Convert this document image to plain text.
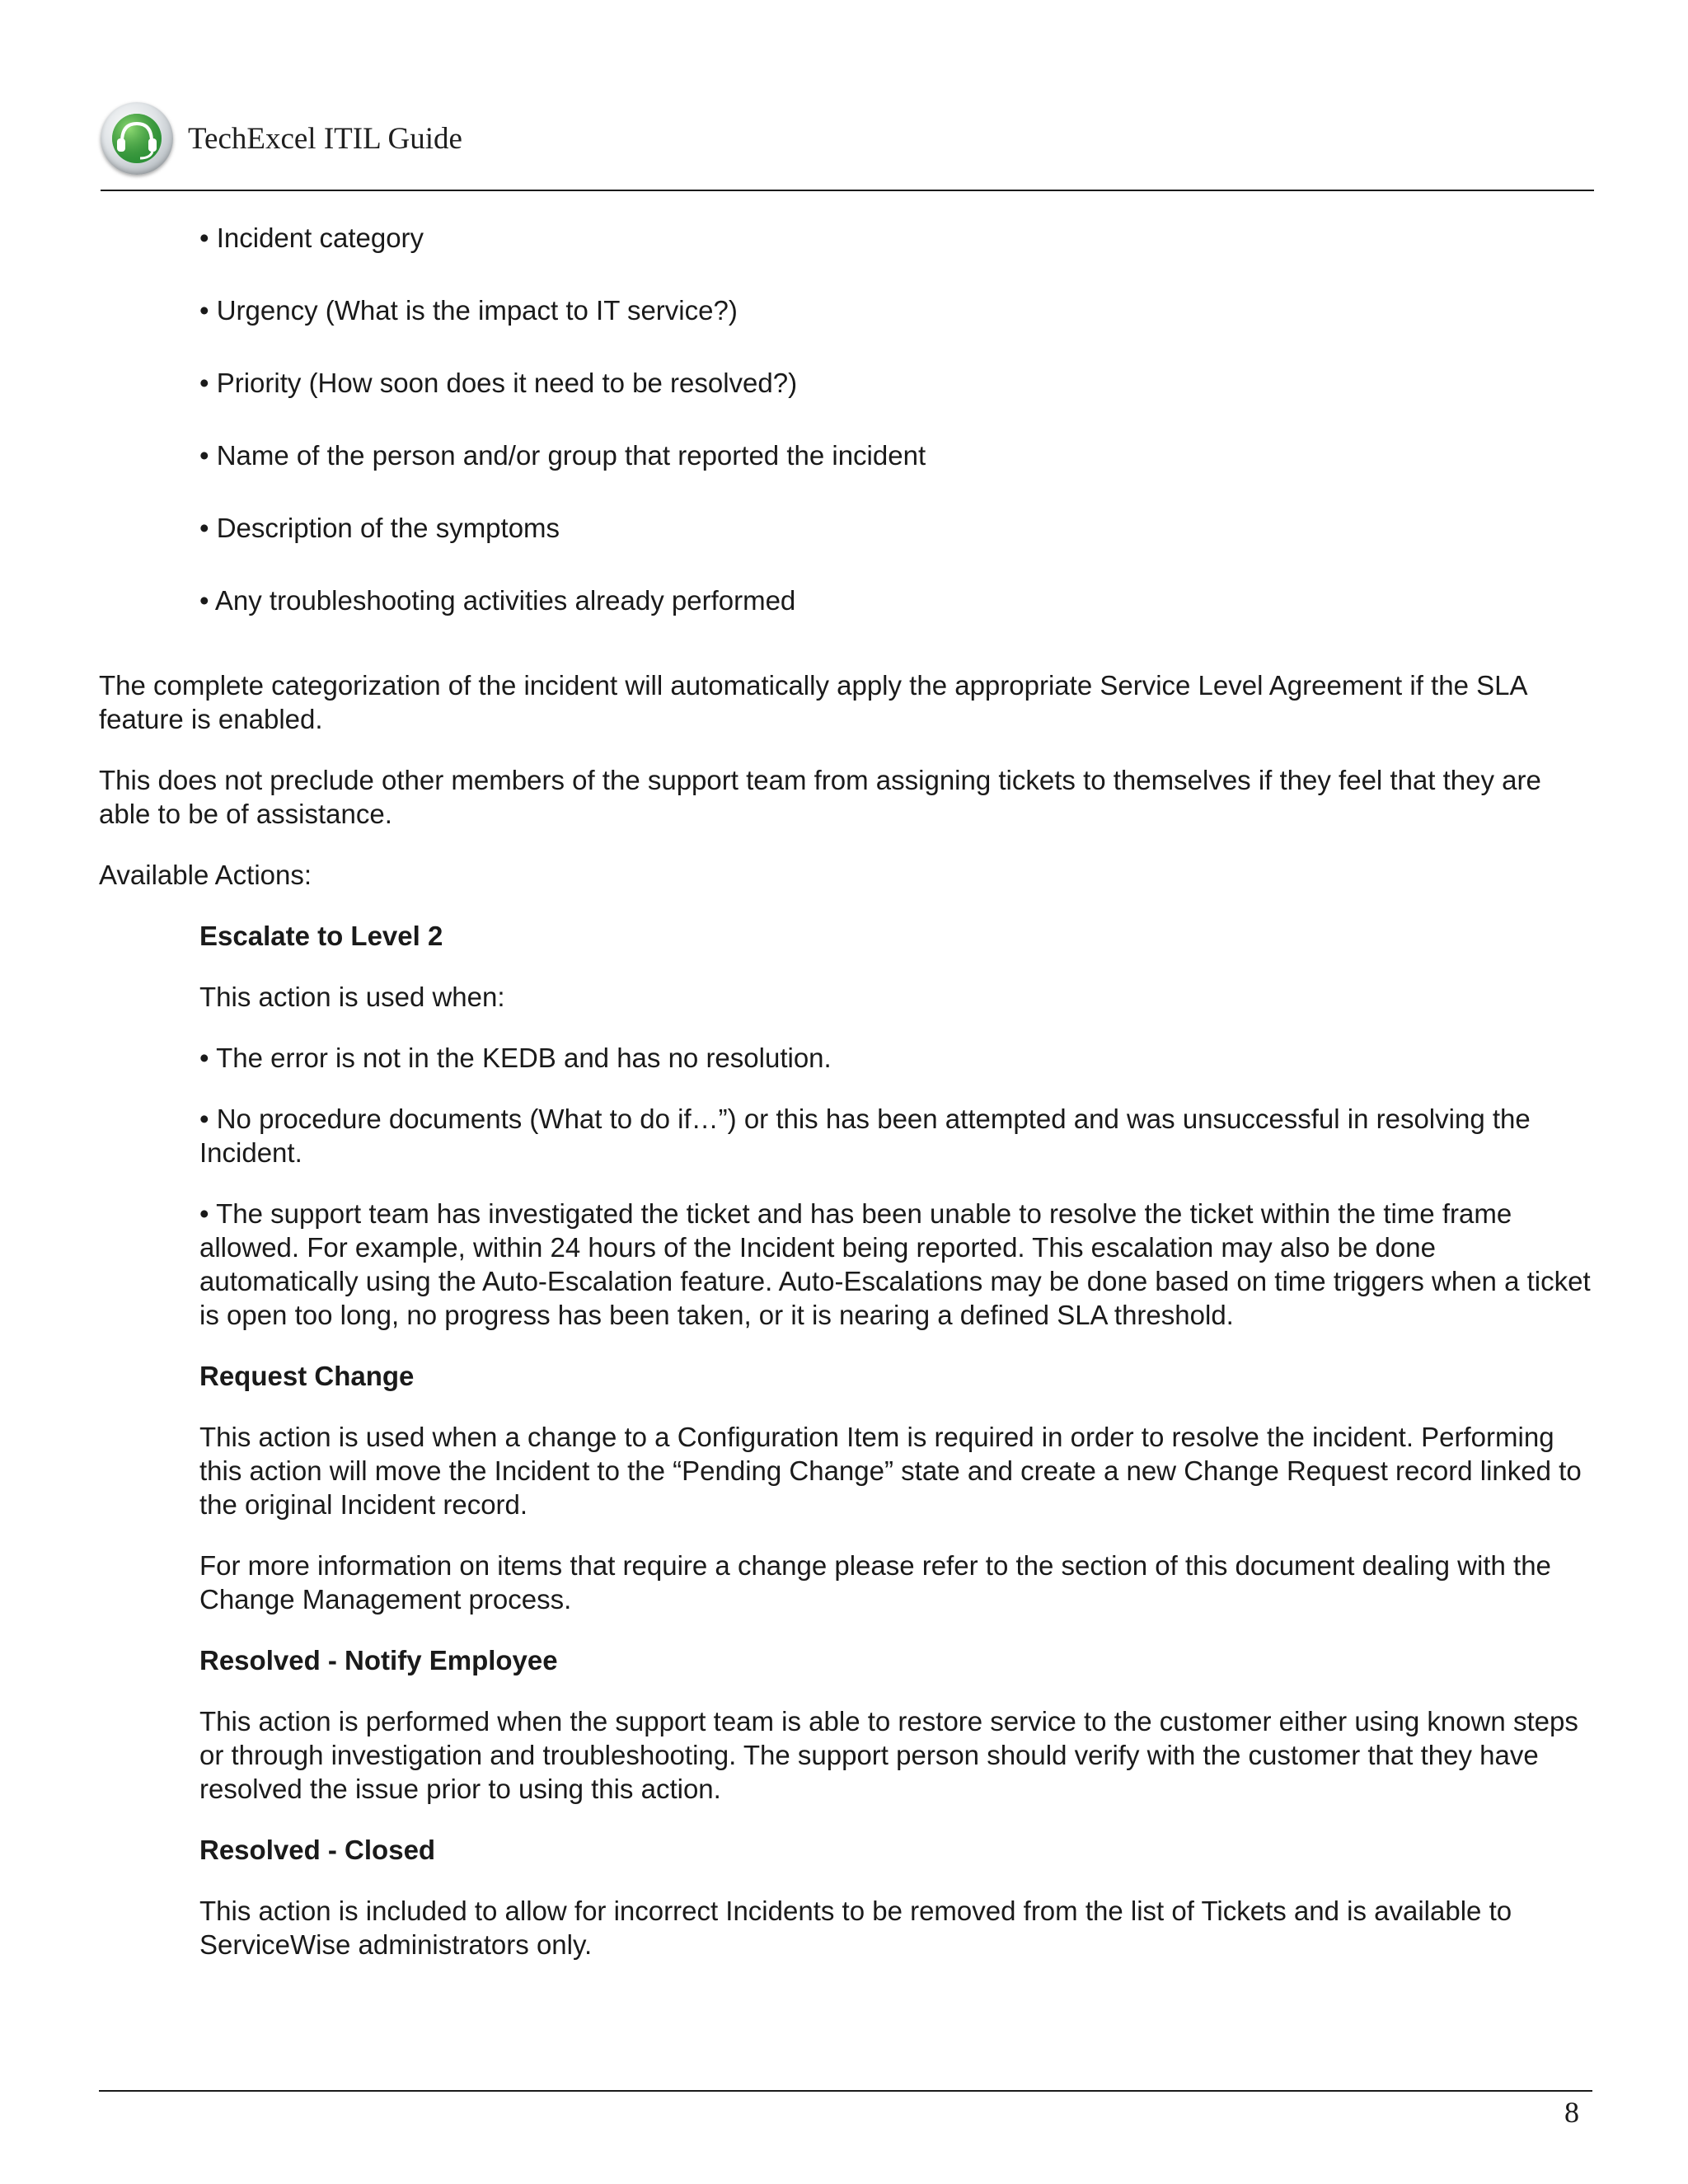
TechExcel ITIL Guide
• Incident category
• Urgency (What is the impact to IT service?)
• Priority (How soon does it need to be resolved?)
• Name of the person and/or group that reported the incident
• Description of the symptoms
• Any troubleshooting activities already performed

The complete categorization of the incident will automatically apply the appropriate Service Level Agreement if the SLA feature is enabled.

This does not preclude other members of the support team from assigning tickets to themselves if they feel that they are able to be of assistance.

Available Actions:

Escalate to Level 2

This action is used when:

• The error is not in the KEDB and has no resolution.

• No procedure documents (What to do if…”) or this has been attempted and was unsuccessful in resolving the Incident.

• The support team has investigated the ticket and has been unable to resolve the ticket within the time frame allowed. For example, within 24 hours of the Incident being reported. This escalation may also be done automatically using the Auto-Escalation feature. Auto-Escalations may be done based on time triggers when a ticket is open too long, no progress has been taken, or it is nearing a defined SLA threshold.

Request Change

This action is used when a change to a Configuration Item is required in order to resolve the incident. Performing this action will move the Incident to the “Pending Change” state and create a new Change Request record linked to the original Incident record.

For more information on items that require a change please refer to the section of this document dealing with the Change Management process.

Resolved - Notify Employee

This action is performed when the support team is able to restore service to the customer either using known steps or through investigation and troubleshooting. The support person should verify with the customer that they have resolved the issue prior to using this action.

Resolved - Closed

This action is included to allow for incorrect Incidents to be removed from the list of Tickets and is available to ServiceWise administrators only.

8
